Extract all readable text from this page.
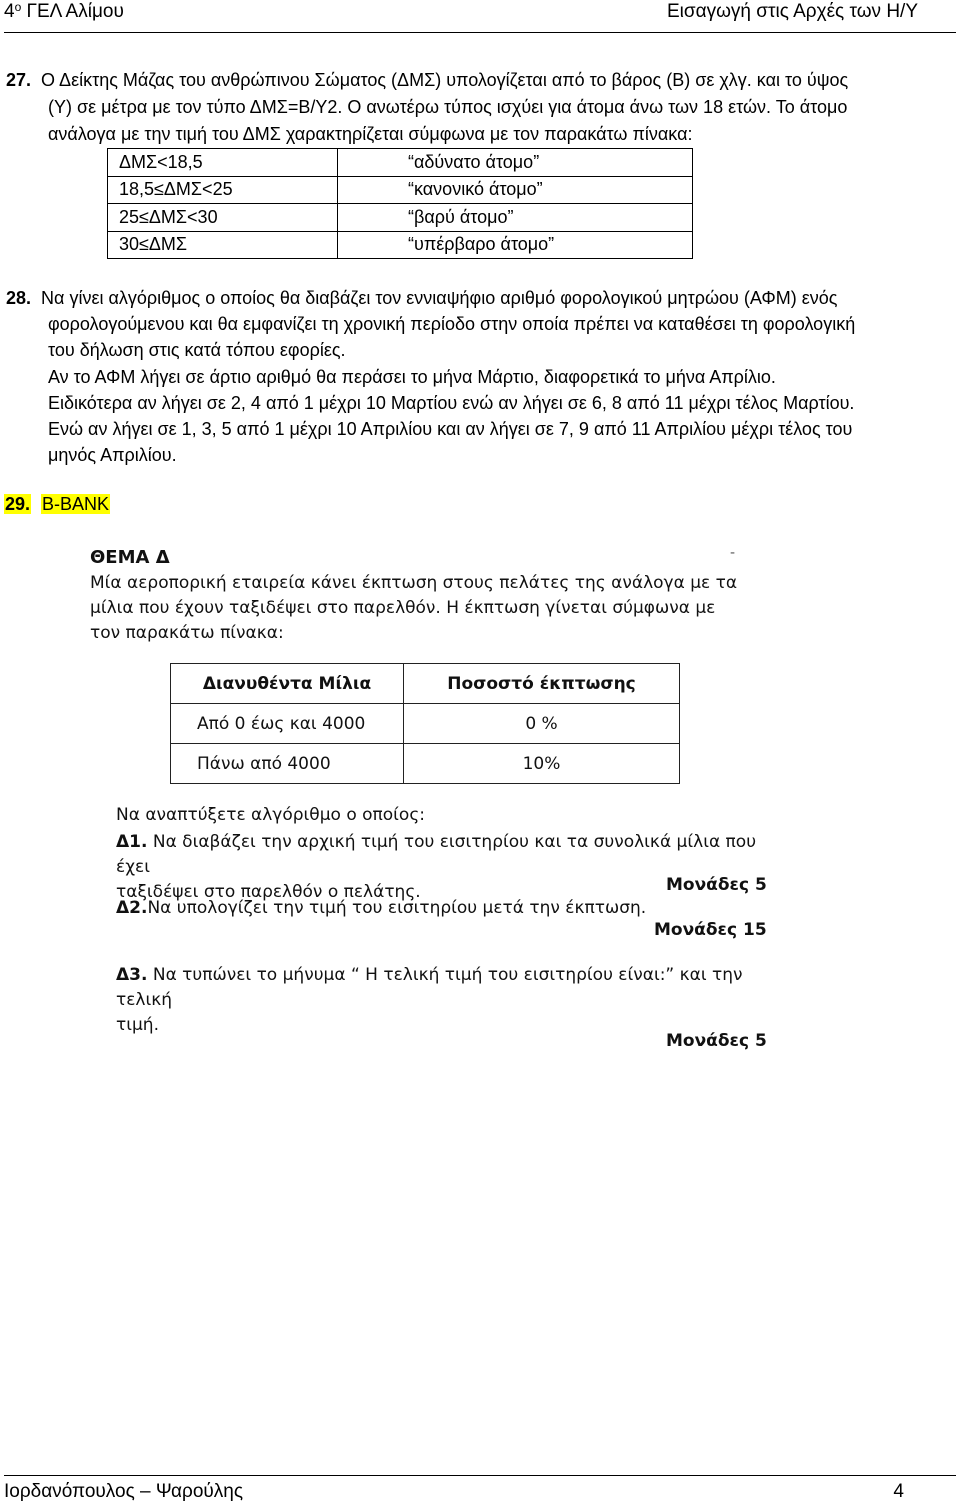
$4^o$ ΓΕΛ Αλίμου	Εισαγωγή στις Αρχές των Η/Υ
27. Ο Δείκτης Μάζας του ανθρώπινου Σώματος (ΔΜΣ) υπολογίζεται από το βάρος (Β) σε χλγ. και το ύψος
(Υ) σε μέτρα με τον τύπο ΔΜΣ=Β/Υ2. Ο ανωτέρω τύπος ισχύει για άτομα άνω των 18 ετών. Το άτομο
ανάλογα με την τιμή του ΔΜΣ χαρακτηρίζεται σύμφωνα με τον παρακάτω πίνακα:
ΔΜΣ<18,5	“αδύνατο άτομο”
18,5≤ΔΜΣ<25	“κανονικό άτομο”
25≤ΔΜΣ<30	“βαρύ άτομο”
30≤ΔΜΣ	“υπέρβαρο άτομο”
28. Να γίνει αλγόριθμος ο οποίος θα διαβάζει τον εννιαψήφιο αριθμό φορολογικού μητρώου (ΑΦΜ) ενός
φορολογούμενου και θα εμφανίζει τη χρονική περίοδο στην οποία πρέπει να καταθέσει τη φορολογική
του δήλωση στις κατά τόπου εφορίες.
Αν το ΑΦΜ λήγει σε άρτιο αριθμό θα περάσει το μήνα Μάρτιο, διαφορετικά το μήνα Απρίλιο.
Ειδικότερα αν λήγει σε 2, 4 από 1 μέχρι 10 Μαρτίου ενώ αν λήγει σε 6, 8 από 11 μέχρι τέλος Μαρτίου.
Ενώ αν λήγει σε 1, 3, 5 από 1 μέχρι 10 Απριλίου και αν λήγει σε 7, 9 από 11 Απριλίου μέχρι τέλος του
μηνός Απριλίου.
29. B-BANK
ΘΕΜΑ Δ	-
Μία αεροπορική εταιρεία κάνει έκπτωση στους πελάτες της ανάλογα με τα
μίλια που έχουν ταξιδέψει στο παρελθόν. Η έκπτωση γίνεται σύμφωνα με
τον παρακάτω πίνακα:
Διανυθέντα Μίλια	Ποσοστό έκπτωσης
Από 0 έως και 4000	0 %
Πάνω από 4000	10%
Να αναπτύξετε αλγόριθμο ο οποίος:
Δ1. Να διαβάζει την αρχική τιμή του εισιτηρίου και τα συνολικά μίλια που έχει
ταξιδέψει στο παρελθόν ο πελάτης.	Μονάδες 5
Δ2.Να υπολογίζει την τιμή του εισιτηρίου μετά την έκπτωση.
Μονάδες 15
Δ3. Να τυπώνει το μήνυμα “ Η τελική τιμή του εισιτηρίου είναι:” και την τελική
τιμή.
Μονάδες 5
Ιορδανόπουλος – Ψαρούλης	4
